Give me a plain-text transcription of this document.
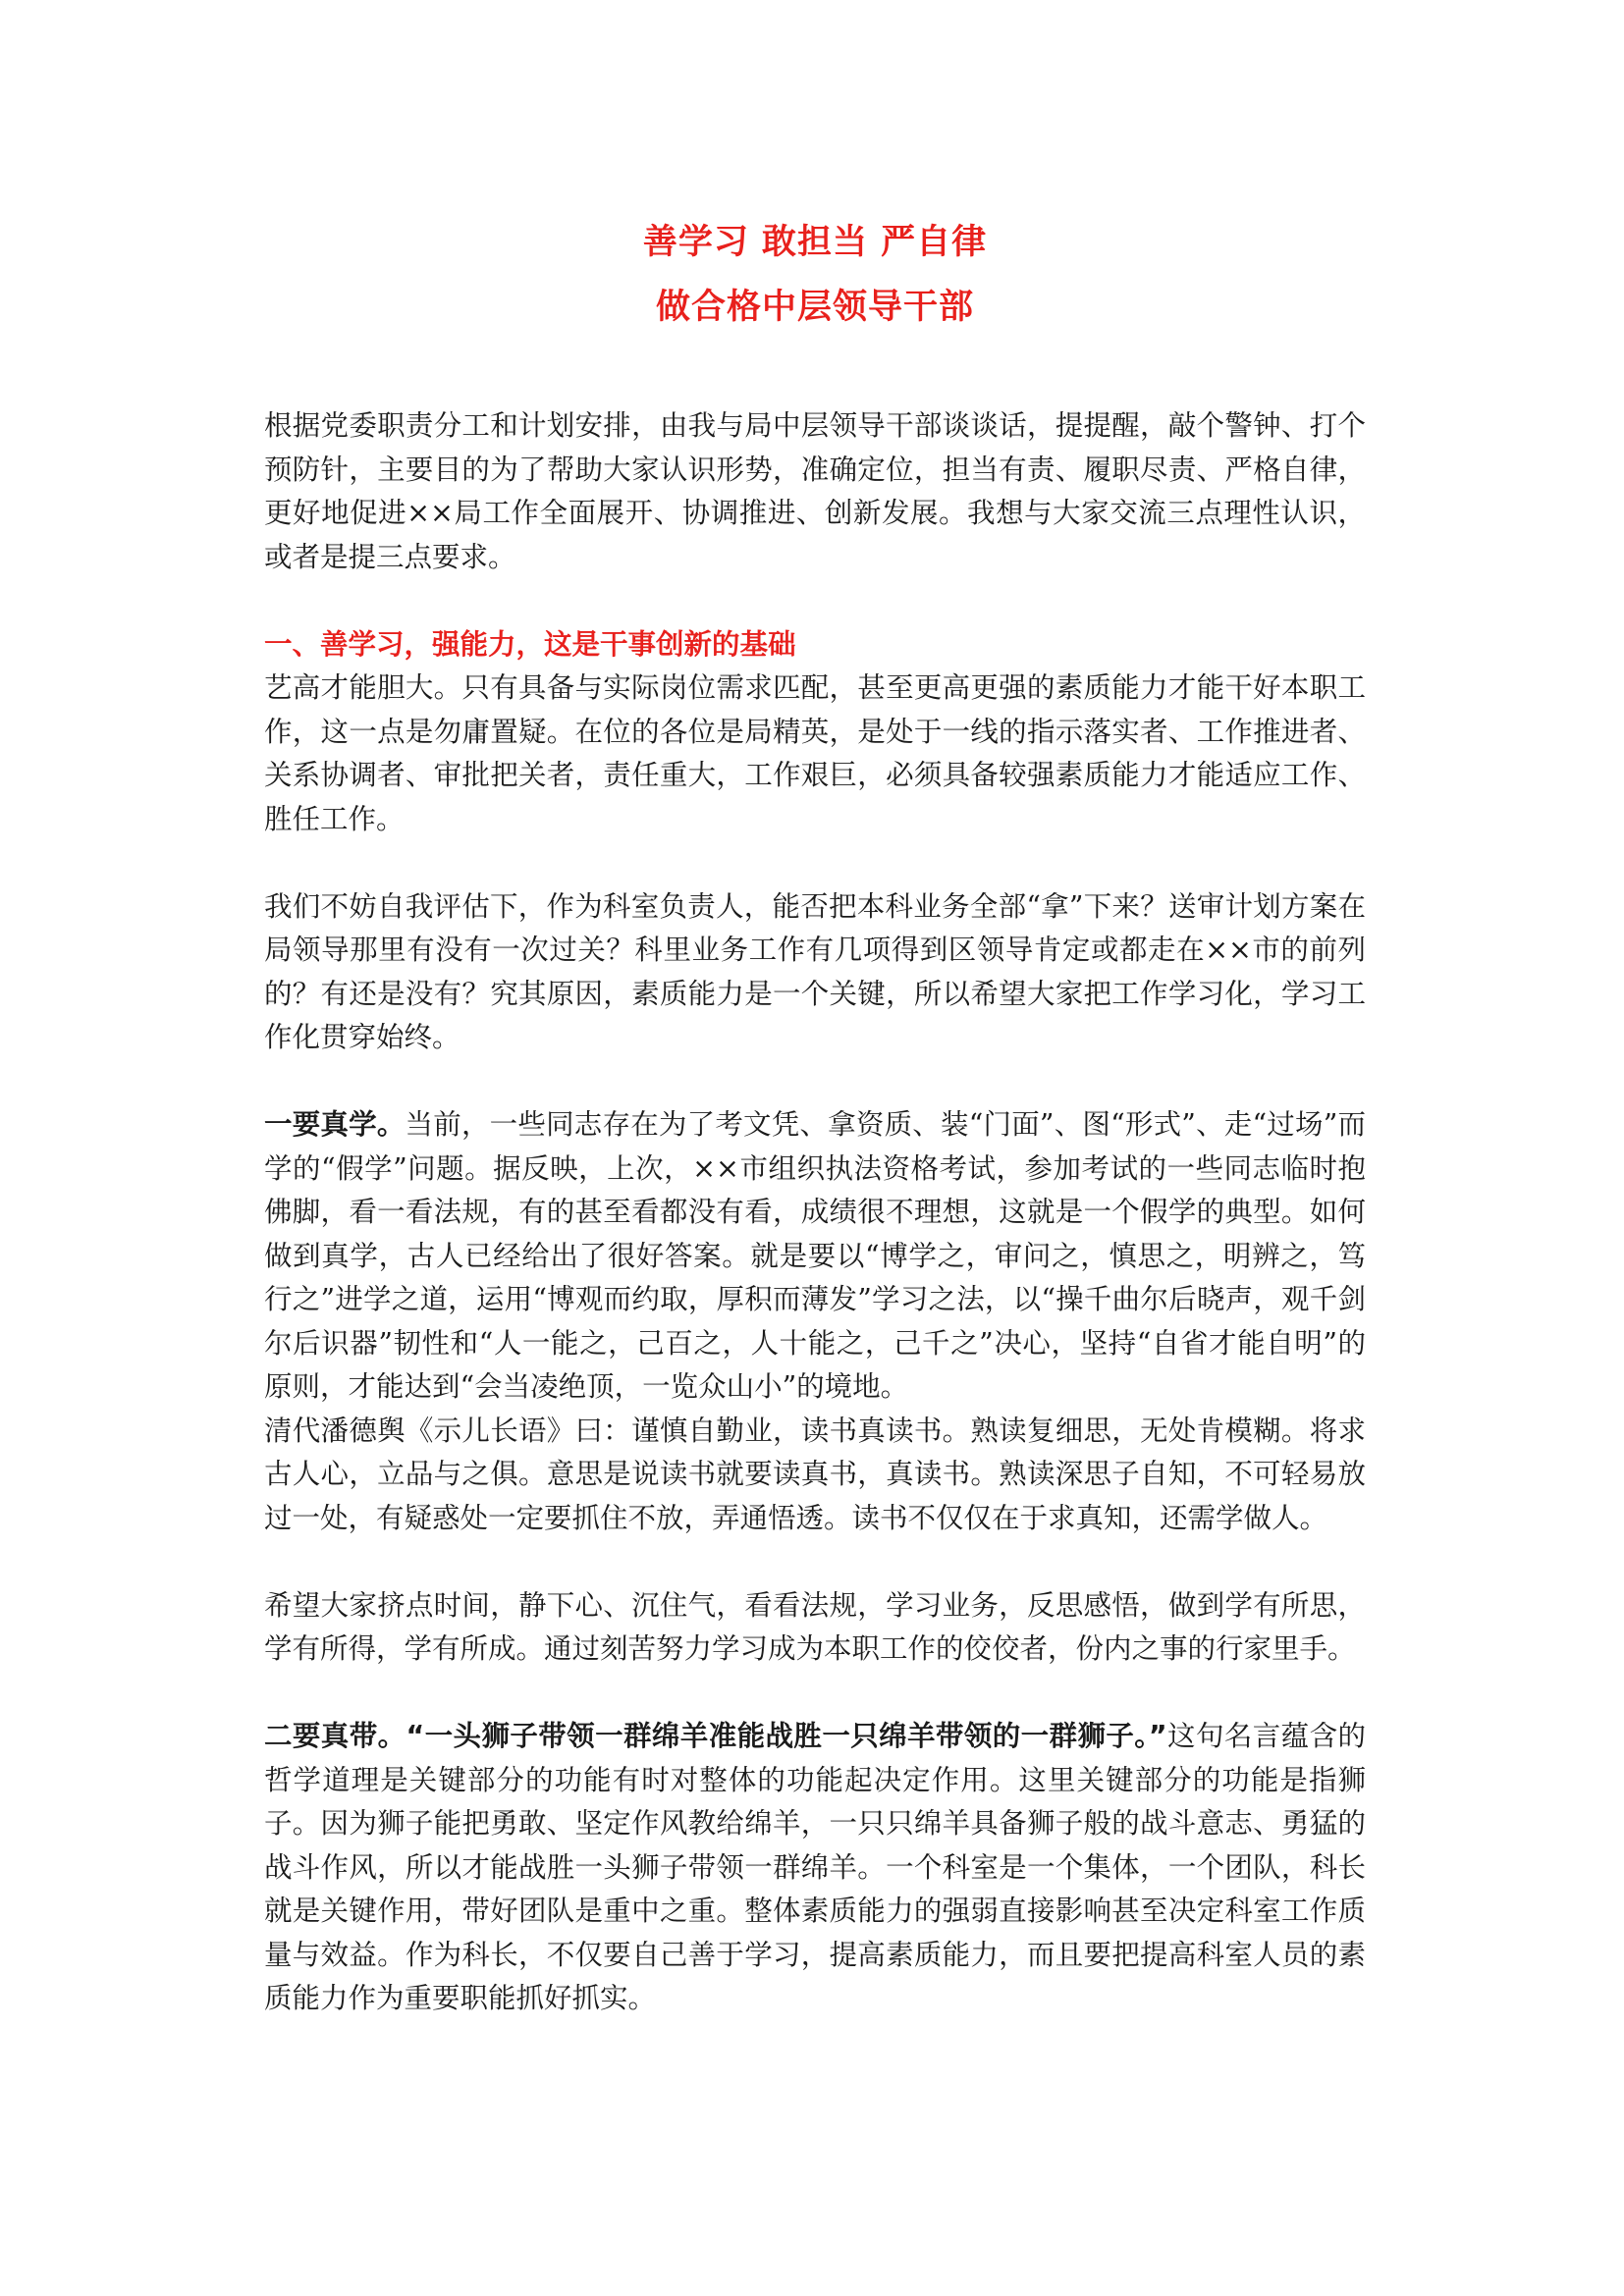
善学习 敢担当 严自律
做合格中层领导干部

根据党委职责分工和计划安排，由我与局中层领导干部谈谈话，提提醒，敲个警钟、打个预防针，主要目的为了帮助大家认识形势，准确定位，担当有责、履职尽责、严格自律，更好地促进××局工作全面展开、协调推进、创新发展。我想与大家交流三点理性认识，或者是提三点要求。

一、善学习，强能力，这是干事创新的基础

艺高才能胆大。只有具备与实际岗位需求匹配，甚至更高更强的素质能力才能干好本职工作，这一点是勿庸置疑。在位的各位是局精英，是处于一线的指示落实者、工作推进者、关系协调者、审批把关者，责任重大，工作艰巨，必须具备较强素质能力才能适应工作、胜任工作。

我们不妨自我评估下，作为科室负责人，能否把本科业务全部“拿”下来？送审计划方案在局领导那里有没有一次过关？科里业务工作有几项得到区领导肯定或都走在××市的前列的？有还是没有？究其原因，素质能力是一个关键，所以希望大家把工作学习化，学习工作化贯穿始终。

一要真学。当前，一些同志存在为了考文凭、拿资质、装“门面”、图“形式”、走“过场”而学的“假学”问题。据反映，上次，××市组织执法资格考试，参加考试的一些同志临时抱佛脚，看一看法规，有的甚至看都没有看，成绩很不理想，这就是一个假学的典型。如何做到真学，古人已经给出了很好答案。就是要以“博学之，审问之，慎思之，明辨之，笃行之”进学之道，运用“博观而约取，厚积而薄发”学习之法，以“操千曲尔后晓声，观千剑尔后识器”韧性和“人一能之，己百之，人十能之，己千之”决心，坚持“自省才能自明”的原则，才能达到“会当凌绝顶，一览众山小”的境地。

清代潘德舆《示儿长语》曰：谨慎自勤业，读书真读书。熟读复细思，无处肯模糊。将求古人心，立品与之俱。意思是说读书就要读真书，真读书。熟读深思子自知，不可轻易放过一处，有疑惑处一定要抓住不放，弄通悟透。读书不仅仅在于求真知，还需学做人。

希望大家挤点时间，静下心、沉住气，看看法规，学习业务，反思感悟，做到学有所思，学有所得，学有所成。通过刻苦努力学习成为本职工作的佼佼者，份内之事的行家里手。

二要真带。“一头狮子带领一群绵羊准能战胜一只绵羊带领的一群狮子。”这句名言蕴含的哲学道理是关键部分的功能有时对整体的功能起决定作用。这里关键部分的功能是指狮子。因为狮子能把勇敢、坚定作风教给绵羊，一只只绵羊具备狮子般的战斗意志、勇猛的战斗作风，所以才能战胜一头狮子带领一群绵羊。一个科室是一个集体，一个团队，科长就是关键作用，带好团队是重中之重。整体素质能力的强弱直接影响甚至决定科室工作质量与效益。作为科长，不仅要自己善于学习，提高素质能力，而且要把提高科室人员的素质能力作为重要职能抓好抓实。
